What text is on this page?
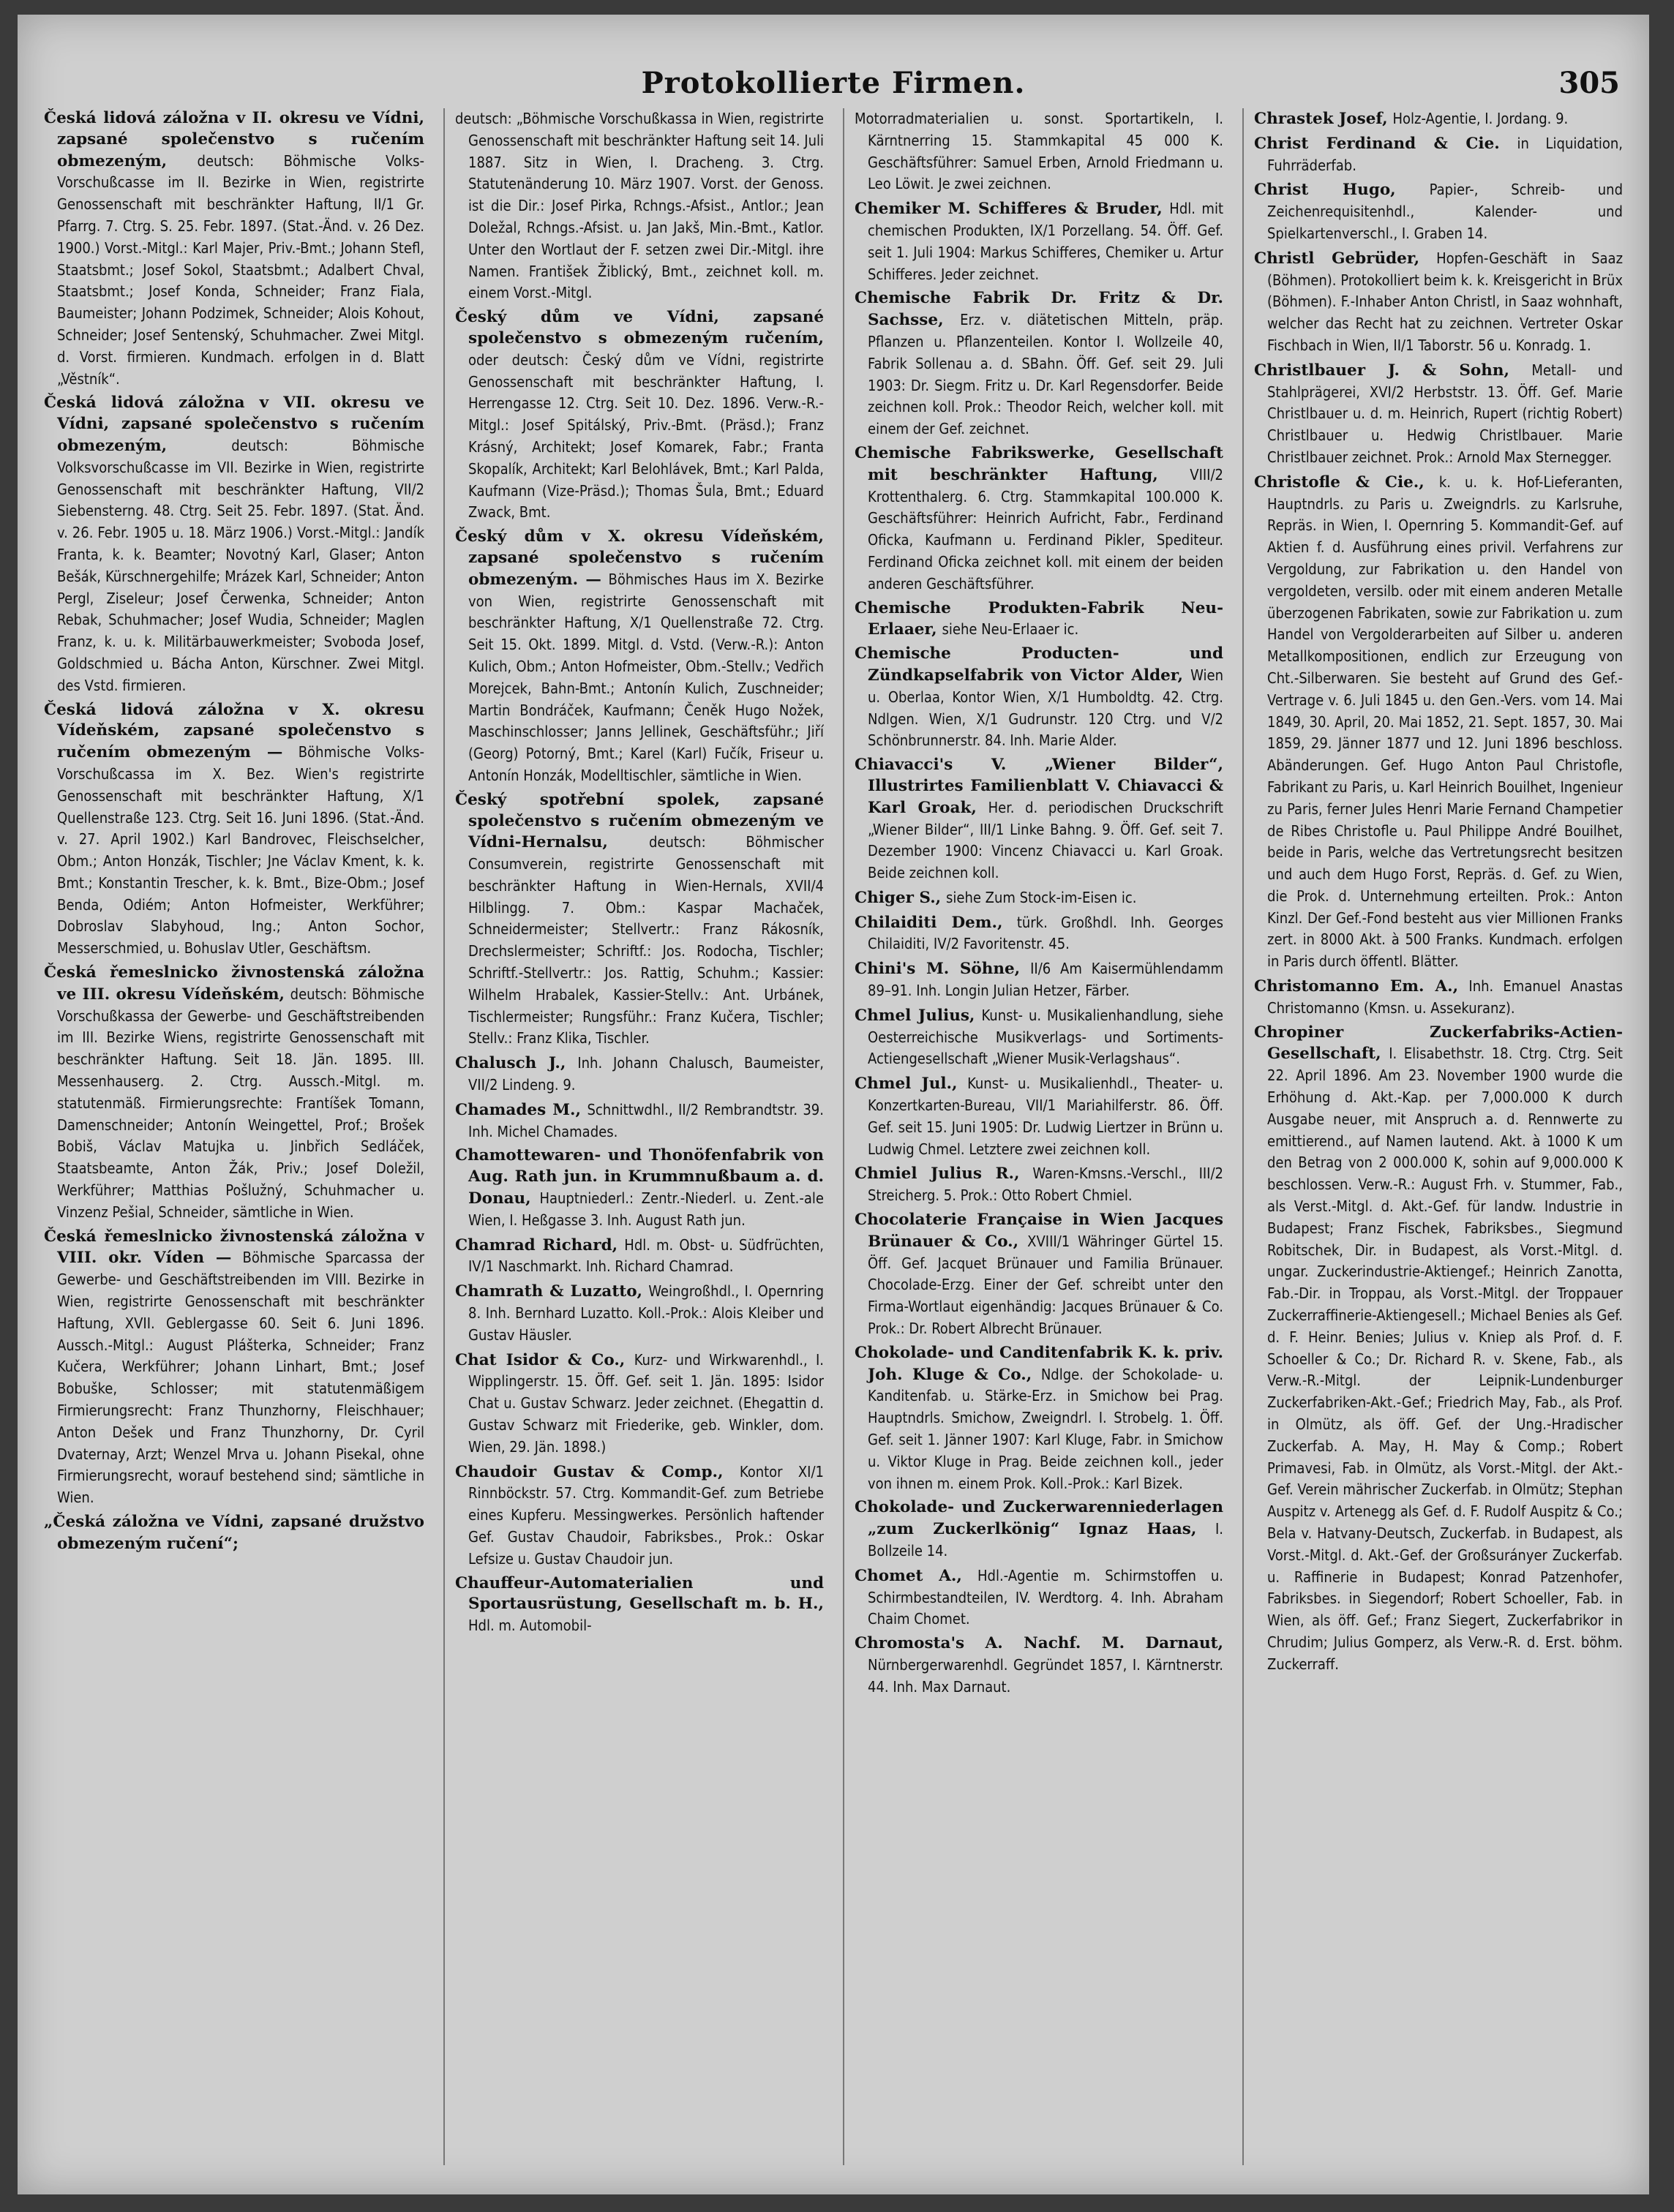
Protokollierte Firmen.	305

Česká lidová záložna v II. okresu ve Vídni, zapsané společenstvo s ručením obmezeným, deutsch: Böhmische Volks-Vorschußcasse im II. Bezirke in Wien, registrirte Genossenschaft mit beschränkter Haftung, II/1 Gr. Pfarrg. 7. Ctrg. S. 25. Febr. 1897. (Stat.-Änd. v. 26 Dez. 1900.) Vorst.-Mitgl.: Karl Majer, Priv.-Bmt.; Johann Stefl, Staatsbmt.; Josef Sokol, Staatsbmt.; Adalbert Chval, Staatsbmt.; Josef Konda, Schneider; Franz Fiala, Baumeister; Johann Podzimek, Schneider; Alois Kohout, Schneider; Josef Sentenský, Schuhmacher. Zwei Mitgl. d. Vorst. firmieren. Kundmach. erfolgen in d. Blatt „Věstník“.

Česká lidová záložna v VII. okresu ve Vídni, zapsané společenstvo s ručením obmezeným,	deutsch: Böhmische Volksvorschußcasse im VII. Bezirke in Wien, registrirte Genossenschaft mit beschränkter Haftung, VII/2 Siebensterng. 48. Ctrg. Seit 25. Febr. 1897. (Stat. Änd. v. 26. Febr. 1905 u. 18. März 1906.) Vorst.-Mitgl.: Jandík Franta, k. k. Beamter; Novotný Karl, Glaser; Anton Bešák, Kürschnergehilfe; Mrázek Karl, Schneider; Anton Pergl, Ziseleur; Josef Čerwenka, Schneider; Anton Rebak, Schuhmacher; Josef Wudia, Schneider; Maglen Franz, k. u. k. Militärbauwerkmeister; Svoboda Josef, Goldschmied u. Bácha Anton, Kürschner. Zwei Mitgl. des Vstd. firmieren.

Česká lidová záložna v X. okresu Vídeňském, zapsané společenstvo s ručením obmezeným — Böhmische Volks-Vorschußcassa im X. Bez. Wien's registrirte Genossenschaft mit beschränkter Haftung, X/1 Quellenstraße 123. Ctrg. Seit 16. Juni 1896. (Stat.-Änd. v. 27. April 1902.) Karl Bandrovec, Fleischselcher, Obm.; Anton Honzák, Tischler; Jne Václav Kment, k. k. Bmt.; Konstantin Trescher, k. k. Bmt., Bize-Obm.; Josef Benda, Odiém; Anton Hofmeister, Werkführer; Dobroslav Slabyhoud, Ing.; Anton Sochor, Messerschmied, u. Bohuslav Utler, Geschäftsm.

Česká řemeslnicko živnostenská záložna ve III. okresu Vídeňském, deutsch: Böhmische Vorschußkassa der Gewerbe- und Geschäftstreibenden im III. Bezirke Wiens, registrirte Genossenschaft mit beschränkter Haftung. Seit 18. Jän. 1895. III. Messenhauserg. 2. Ctrg. Aussch.-Mitgl. m. statutenmäß. Firmierungsrechte: Frantíšek Tomann, Damenschneider; Antonín Weingettel, Prof.; Brošek Bobiš, Václav Matujka u. Jinbřich Sedláček, Staatsbeamte, Anton Žák, Priv.; Josef Doležil, Werkführer; Matthias Pošlužný, Schuhmacher u. Vinzenz Pešial, Schneider, sämtliche in Wien.

Česká řemeslnicko živnostenská záložna v VIII. okr. Víden — Böhmische Sparcassa der Gewerbe- und Geschäftstreibenden im VIII. Bezirke in Wien, registrirte Genossenschaft mit beschränkter Haftung, XVII. Geblergasse 60. Seit 6. Juni 1896. Aussch.-Mitgl.: August Plášterka, Schneider; Franz Kučera, Werkführer; Johann Linhart, Bmt.; Josef Bobuške, Schlosser; mit statutenmäßigem Firmierungsrecht: Franz Thunzhorny, Fleischhauer; Anton Dešek und Franz Thunzhorny, Dr. Cyril Dvaternay, Arzt; Wenzel Mrva u. Johann Pisekal, ohne Firmierungsrecht, worauf bestehend sind; sämtliche in Wien.

„Česká záložna ve Vídni, zapsané družstvo obmezeným ručení“;

deutsch: „Böhmische Vorschußkassa in Wien, registrirte Genossenschaft mit beschränkter Haftung seit 14. Juli 1887. Sitz in Wien, I. Dracheng. 3. Ctrg. Statutenänderung 10. März 1907. Vorst. der Genoss. ist die Dir.: Josef Pirka, Rchngs.-Afsist., Antlor.; Jean Doležal, Rchngs.-Afsist. u. Jan Jakš, Min.-Bmt., Katlor. Unter den Wortlaut der F. setzen zwei Dir.-Mitgl. ihre Namen. František Žiblický, Bmt., zeichnet koll. m. einem Vorst.-Mitgl.

Český dům ve Vídni, zapsané společenstvo s obmezeným ručením, oder deutsch: Český dům ve Vídni, registrirte Genossenschaft mit beschränkter Haftung, I. Herrengasse 12. Ctrg. Seit 10. Dez. 1896. Verw.-R.-Mitgl.: Josef Spitálský, Priv.-Bmt. (Präsd.); Franz Krásný, Architekt; Josef Komarek, Fabr.; Franta Skopalík, Architekt; Karl Belohlávek, Bmt.; Karl Palda, Kaufmann (Vize-Präsd.); Thomas Šula, Bmt.; Eduard Zwack, Bmt.

Český dům v X. okresu Vídeňském, zapsané společenstvo s ručením obmezeným. — Böhmisches Haus im X. Bezirke von Wien, registrirte Genossenschaft mit beschränkter Haftung, X/1 Quellenstraße 72. Ctrg. Seit 15. Okt. 1899. Mitgl. d. Vstd. (Verw.-R.): Anton Kulich, Obm.; Anton Hofmeister, Obm.-Stellv.; Vedřich Morejcek, Bahn-Bmt.; Antonín Kulich, Zuschneider; Martin Bondráček, Kaufmann; Čeněk Hugo Nožek, Maschinschlosser; Janns Jellinek, Geschäftsführ.; Jiří (Georg) Potorný, Bmt.; Karel (Karl) Fučík, Friseur u. Antonín Honzák, Modelltischler, sämtliche in Wien.

Český spotřební spolek, zapsané společenstvo s ručením obmezeným ve Vídni-Hernalsu,	deutsch: Böhmischer Consumverein, registrirte Genossenschaft mit beschränkter Haftung in Wien-Hernals, XVII/4 Hilblingg. 7. Obm.: Kaspar Machaček, Schneidermeister; Stellvertr.: Franz Rákosník, Drechslermeister; Schriftf.: Jos. Rodocha, Tischler; Schriftf.-Stellvertr.: Jos. Rattig, Schuhm.; Kassier: Wilhelm Hrabalek, Kassier-Stellv.: Ant. Urbánek, Tischlermeister; Rungsführ.: Franz Kučera, Tischler; Stellv.: Franz Klika, Tischler.

Chalusch J., Inh. Johann Chalusch, Baumeister, VII/2 Lindeng. 9.

Chamades M., Schnittwdhl., II/2 Rembrandtstr. 39. Inh. Michel Chamades.

Chamottewaren- und Thonöfenfabrik von Aug. Rath jun. in Krummnußbaum a. d. Donau, Hauptniederl.: Zentr.-Niederl. u. Zent.-ale Wien, I. Heßgasse 3. Inh. August Rath jun.

Chamrad Richard, Hdl. m. Obst- u. Südfrüchten, IV/1 Naschmarkt. Inh. Richard Chamrad.

Chamrath & Luzatto, Weingroßhdl., I. Opernring 8. Inh. Bernhard Luzatto. Koll.-Prok.: Alois Kleiber und Gustav Häusler.

Chat Isidor & Co., Kurz- und Wirkwarenhdl., I. Wipplingerstr. 15. Öff. Gef. seit 1. Jän. 1895: Isidor Chat u. Gustav Schwarz. Jeder zeichnet. (Ehegattin d. Gustav Schwarz mit Friederike, geb. Winkler, dom. Wien, 29. Jän. 1898.)

Chaudoir Gustav & Comp., Kontor XI/1 Rinnböckstr. 57. Ctrg. Kommandit-Gef. zum Betriebe eines Kupferu. Messingwerkes. Persönlich haftender Gef. Gustav Chaudoir, Fabriksbes., Prok.: Oskar Lefsize u. Gustav Chaudoir jun.

Chauffeur-Automaterialien und Sportausrüstung, Gesellschaft m. b. H., Hdl. m. Automobil-

Motorradmaterialien u. sonst. Sportartikeln, I. Kärntnerring 15. Stammkapital 45 000 K. Geschäftsführer: Samuel Erben, Arnold Friedmann u. Leo Löwit. Je zwei zeichnen.

Chemiker M. Schifferes & Bruder, Hdl. mit chemischen Produkten, IX/1 Porzellang. 54. Öff. Gef. seit 1. Juli 1904: Markus Schifferes, Chemiker u. Artur Schifferes. Jeder zeichnet.

Chemische Fabrik Dr. Fritz & Dr. Sachsse, Erz. v. diätetischen Mitteln, präp. Pflanzen u. Pflanzenteilen. Kontor I. Wollzeile 40, Fabrik Sollenau a. d. SBahn. Öff. Gef. seit 29. Juli 1903: Dr. Siegm. Fritz u. Dr. Karl Regensdorfer. Beide zeichnen koll. Prok.: Theodor Reich, welcher koll. mit einem der Gef. zeichnet.

Chemische Fabrikswerke, Gesellschaft mit beschränkter Haftung, VIII/2 Krottenthalerg. 6. Ctrg. Stammkapital 100.000 K. Geschäftsführer: Heinrich Aufricht, Fabr., Ferdinand Oficka, Kaufmann u. Ferdinand Pikler, Spediteur. Ferdinand Oficka zeichnet koll. mit einem der beiden anderen Geschäftsführer.

Chemische Produkten-Fabrik Neu-Erlaaer, siehe Neu-Erlaaer ic.

Chemische Producten- und Zündkapselfabrik von Victor Alder, Wien u. Oberlaa, Kontor Wien, X/1 Humboldtg. 42. Ctrg. Ndlgen. Wien, X/1 Gudrunstr. 120 Ctrg. und V/2 Schönbrunnerstr. 84. Inh. Marie Alder.

Chiavacci's V. „Wiener Bilder“, Illustrirtes Familienblatt V. Chiavacci & Karl Groak, Her. d. periodischen Druckschrift „Wiener Bilder“, III/1 Linke Bahng. 9. Öff. Gef. seit 7. Dezember 1900: Vincenz Chiavacci u. Karl Groak. Beide zeichnen koll.

Chiger S., siehe Zum Stock-im-Eisen ic.

Chilaiditi Dem., türk. Großhdl. Inh. Georges Chilaiditi, IV/2 Favoritenstr. 45.

Chini's M. Söhne, II/6 Am Kaisermühlendamm 89–91. Inh. Longin Julian Hetzer, Färber.

Chmel Julius, Kunst- u. Musikalienhandlung, siehe Oesterreichische Musikverlags- und Sortiments-Actiengesellschaft „Wiener Musik-Verlagshaus“.

Chmel Jul., Kunst- u. Musikalienhdl., Theater- u. Konzertkarten-Bureau, VII/1 Mariahilferstr. 86. Öff. Gef. seit 15. Juni 1905: Dr. Ludwig Liertzer in Brünn u. Ludwig Chmel. Letztere zwei zeichnen koll.

Chmiel Julius R., Waren-Kmsns.-Verschl., III/2 Streicherg. 5. Prok.: Otto Robert Chmiel.

Chocolaterie Française in Wien Jacques Brünauer & Co., XVIII/1 Währinger Gürtel 15. Öff. Gef. Jacquet Brünauer und Familia Brünauer. Chocolade-Erzg. Einer der Gef. schreibt unter den Firma-Wortlaut eigenhändig: Jacques Brünauer & Co. Prok.: Dr. Robert Albrecht Brünauer.

Chokolade- und Canditenfabrik K. k. priv. Joh. Kluge & Co., Ndlge. der Schokolade- u. Kanditenfab. u. Stärke-Erz. in Smichow bei Prag. Hauptndrls. Smichow, Zweigndrl. I. Strobelg. 1. Öff. Gef. seit 1. Jänner 1907: Karl Kluge, Fabr. in Smichow u. Viktor Kluge in Prag. Beide zeichnen koll., jeder von ihnen m. einem Prok. Koll.-Prok.: Karl Bizek.

Chokolade- und Zuckerwarenniederlagen „zum Zuckerlkönig“ Ignaz Haas, I. Bollzeile 14.

Chomet A., Hdl.-Agentie m. Schirmstoffen u. Schirmbestandteilen, IV. Werdtorg. 4. Inh. Abraham Chaim Chomet.

Chromosta's A. Nachf. M. Darnaut, Nürnbergerwarenhdl. Gegründet 1857, I. Kärntnerstr. 44. Inh. Max Darnaut.

Chrastek Josef, Holz-Agentie, I. Jordang. 9.

Christ Ferdinand & Cie. in Liquidation, Fuhrräderfab.

Christ Hugo, Papier-, Schreib- und Zeichenrequisitenhdl., Kalender- und Spielkartenverschl., I. Graben 14.

Christl Gebrüder, Hopfen-Geschäft in Saaz (Böhmen). Protokolliert beim k. k. Kreisgericht in Brüx (Böhmen). F.-Inhaber Anton Christl, in Saaz wohnhaft, welcher das Recht hat zu zeichnen. Vertreter Oskar Fischbach in Wien, II/1 Taborstr. 56 u. Konradg. 1.

Christlbauer J. & Sohn, Metall- und Stahlprägerei, XVI/2 Herbststr. 13. Öff. Gef. Marie Christlbauer u. d. m. Heinrich, Rupert (richtig Robert) Christlbauer u. Hedwig Christlbauer. Marie Christlbauer zeichnet. Prok.: Arnold Max Sternegger.

Christofle & Cie., k. u. k. Hof-Lieferanten, Hauptndrls. zu Paris u. Zweigndrls. zu Karlsruhe, Repräs. in Wien, I. Opernring 5. Kommandit-Gef. auf Aktien f. d. Ausführung eines privil. Verfahrens zur Vergoldung, zur Fabrikation u. den Handel von vergoldeten, versilb. oder mit einem anderen Metalle überzogenen Fabrikaten, sowie zur Fabrikation u. zum Handel von Vergolderarbeiten auf Silber u. anderen Metallkompositionen, endlich zur Erzeugung von Cht.-Silberwaren. Sie besteht auf Grund des Gef.-Vertrage v. 6. Juli 1845 u. den Gen.-Vers. vom 14. Mai 1849, 30. April, 20. Mai 1852, 21. Sept. 1857, 30. Mai 1859, 29. Jänner 1877 und 12. Juni 1896 beschloss. Abänderungen. Gef. Hugo Anton Paul Christofle, Fabrikant zu Paris, u. Karl Heinrich Bouilhet, Ingenieur zu Paris, ferner Jules Henri Marie Fernand Champetier de Ribes Christofle u. Paul Philippe André Bouilhet, beide in Paris, welche das Vertretungsrecht besitzen und auch dem Hugo Forst, Repräs. d. Gef. zu Wien, die Prok. d. Unternehmung erteilten. Prok.: Anton Kinzl. Der Gef.-Fond besteht aus vier Millionen Franks zert. in 8000 Akt. à 500 Franks. Kundmach. erfolgen in Paris durch öffentl. Blätter.

Christomanno Em. A., Inh. Emanuel Anastas Christomanno (Kmsn. u. Assekuranz).

Chropiner Zuckerfabriks-Actien-Gesellschaft, I. Elisabethstr. 18. Ctrg. Ctrg. Seit 22. April 1896. Am 23. November 1900 wurde die Erhöhung d. Akt.-Kap. per 7,000.000 K durch Ausgabe neuer, mit Anspruch a. d. Rennwerte zu emittierend., auf Namen lautend. Akt. à 1000 K um den Betrag von 2 000.000 K, sohin auf 9,000.000 K beschlossen. Verw.-R.: August Frh. v. Stummer, Fab., als Verst.-Mitgl. d. Akt.-Gef. für landw. Industrie in Budapest; Franz Fischek, Fabriksbes., Siegmund Robitschek, Dir. in Budapest, als Vorst.-Mitgl. d. ungar. Zuckerindustrie-Aktiengef.; Heinrich Zanotta, Fab.-Dir. in Troppau, als Vorst.-Mitgl. der Troppauer Zuckerraffinerie-Aktiengesell.; Michael Benies als Gef. d. F. Heinr. Benies; Julius v. Kniep als Prof. d. F. Schoeller & Co.; Dr. Richard R. v. Skene, Fab., als Verw.-R.-Mitgl. der Leipnik-Lundenburger Zuckerfabriken-Akt.-Gef.; Friedrich May, Fab., als Prof. in Olmütz, als öff. Gef. der Ung.-Hradischer Zuckerfab. A. May, H. May & Comp.; Robert Primavesi, Fab. in Olmütz, als Vorst.-Mitgl. der Akt.-Gef. Verein mährischer Zuckerfab. in Olmütz; Stephan Auspitz v. Artenegg als Gef. d. F. Rudolf Auspitz & Co.; Bela v. Hatvany-Deutsch, Zuckerfab. in Budapest, als Vorst.-Mitgl. d. Akt.-Gef. der Großsurányer Zuckerfab. u. Raffinerie in Budapest; Konrad Patzenhofer, Fabriksbes. in Siegendorf; Robert Schoeller, Fab. in Wien, als öff. Gef.; Franz Siegert, Zuckerfabrikor in Chrudim; Julius Gomperz, als Verw.-R. d. Erst. böhm. Zuckerraff.
